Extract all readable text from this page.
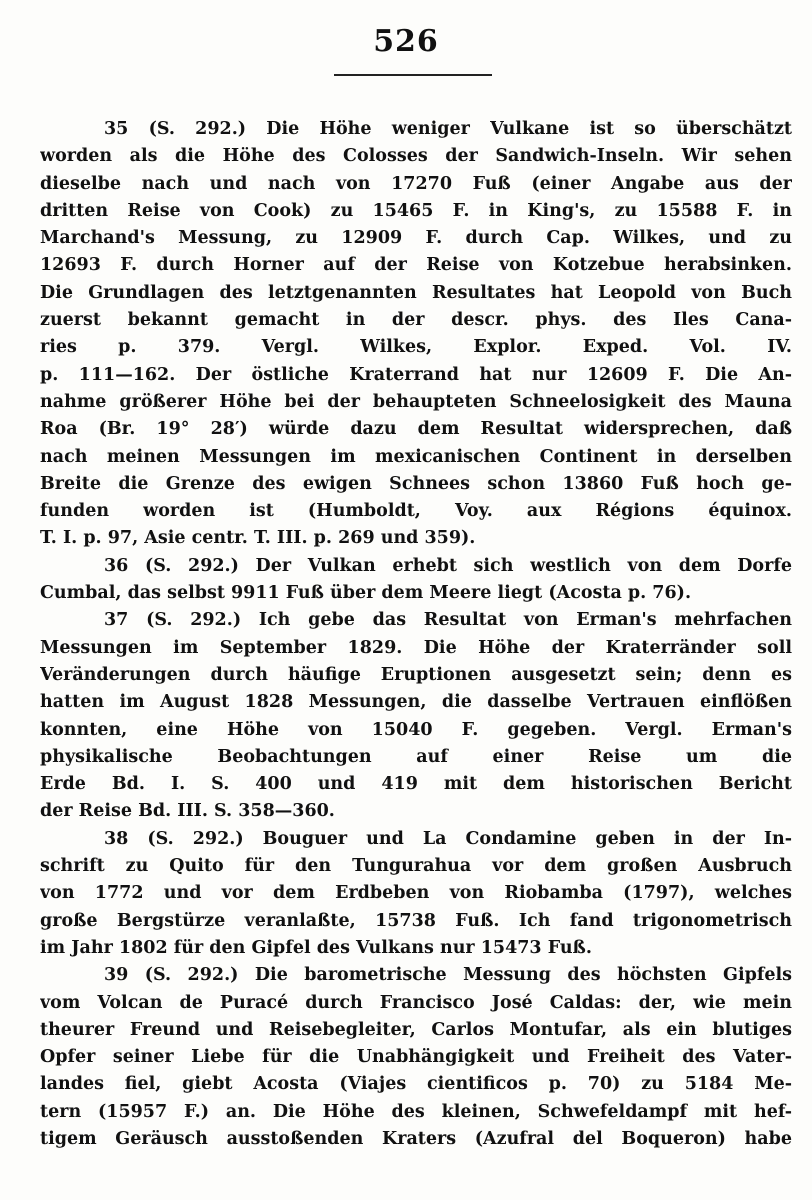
526
35 (S. 292.) Die Höhe weniger Vulkane ist so überschätzt
worden als die Höhe des Colosses der Sandwich-Inseln. Wir sehen
dieselbe nach und nach von 17270 Fuß (einer Angabe aus der
dritten Reise von Cook) zu 15465 F. in King's, zu 15588 F. in
Marchand's Messung, zu 12909 F. durch Cap. Wilkes, und zu
12693 F. durch Horner auf der Reise von Kotzebue herabsinken.
Die Grundlagen des letztgenannten Resultates hat Leopold von Buch
zuerst bekannt gemacht in der descr. phys. des Iles Cana-
ries p. 379. Vergl. Wilkes, Explor. Exped. Vol. IV.
p. 111—162. Der östliche Kraterrand hat nur 12609 F. Die An-
nahme größerer Höhe bei der behaupteten Schneelosigkeit des Mauna
Roa (Br. 19° 28′) würde dazu dem Resultat widersprechen, daß
nach meinen Messungen im mexicanischen Continent in derselben
Breite die Grenze des ewigen Schnees schon 13860 Fuß hoch ge-
funden worden ist (Humboldt, Voy. aux Régions équinox.
T. I. p. 97, Asie centr. T. III. p. 269 und 359).
36 (S. 292.) Der Vulkan erhebt sich westlich von dem Dorfe
Cumbal, das selbst 9911 Fuß über dem Meere liegt (Acosta p. 76).
37 (S. 292.) Ich gebe das Resultat von Erman's mehrfachen
Messungen im September 1829. Die Höhe der Kraterränder soll
Veränderungen durch häufige Eruptionen ausgesetzt sein; denn es
hatten im August 1828 Messungen, die dasselbe Vertrauen einflößen
konnten, eine Höhe von 15040 F. gegeben. Vergl. Erman's
physikalische Beobachtungen auf einer Reise um die
Erde Bd. I. S. 400 und 419 mit dem historischen Bericht
der Reise Bd. III. S. 358—360.
38 (S. 292.) Bouguer und La Condamine geben in der In-
schrift zu Quito für den Tungurahua vor dem großen Ausbruch
von 1772 und vor dem Erdbeben von Riobamba (1797), welches
große Bergstürze veranlaßte, 15738 Fuß. Ich fand trigonometrisch
im Jahr 1802 für den Gipfel des Vulkans nur 15473 Fuß.
39 (S. 292.) Die barometrische Messung des höchsten Gipfels
vom Volcan de Puracé durch Francisco José Caldas: der, wie mein
theurer Freund und Reisebegleiter, Carlos Montufar, als ein blutiges
Opfer seiner Liebe für die Unabhängigkeit und Freiheit des Vater-
landes fiel, giebt Acosta (Viajes cientificos p. 70) zu 5184 Me-
tern (15957 F.) an. Die Höhe des kleinen, Schwefeldampf mit hef-
tigem Geräusch ausstoßenden Kraters (Azufral del Boqueron) habe
